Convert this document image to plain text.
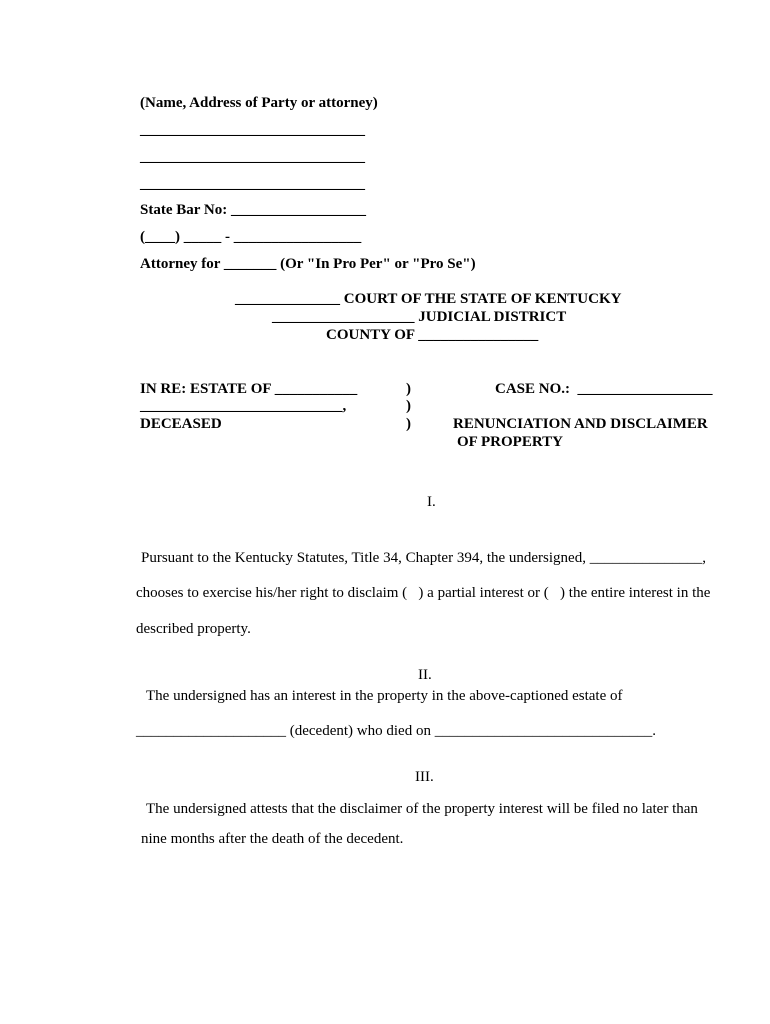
(Name, Address of Party or attorney)
______________________________
______________________________
______________________________
State Bar No: __________________
(____) _____ - _________________
Attorney for _______ (Or "In Pro Per" or "Pro Se")
______________ COURT OF THE STATE OF KENTUCKY
___________________ JUDICIAL DISTRICT
COUNTY OF ________________
IN RE: ESTATE OF ___________
___________________________,
DECEASED
)
)
)
CASE NO.:  __________________
RENUNCIATION AND DISCLAIMER
OF PROPERTY
I.
Pursuant to the Kentucky Statutes, Title 34, Chapter 394, the undersigned, _______________,
chooses to exercise his/her right to disclaim (   ) a partial interest or (   ) the entire interest in the
described property.
II.
The undersigned has an interest in the property in the above-captioned estate of
____________________ (decedent) who died on _____________________________.
III.
The undersigned attests that the disclaimer of the property interest will be filed no later than
nine months after the death of the decedent.
